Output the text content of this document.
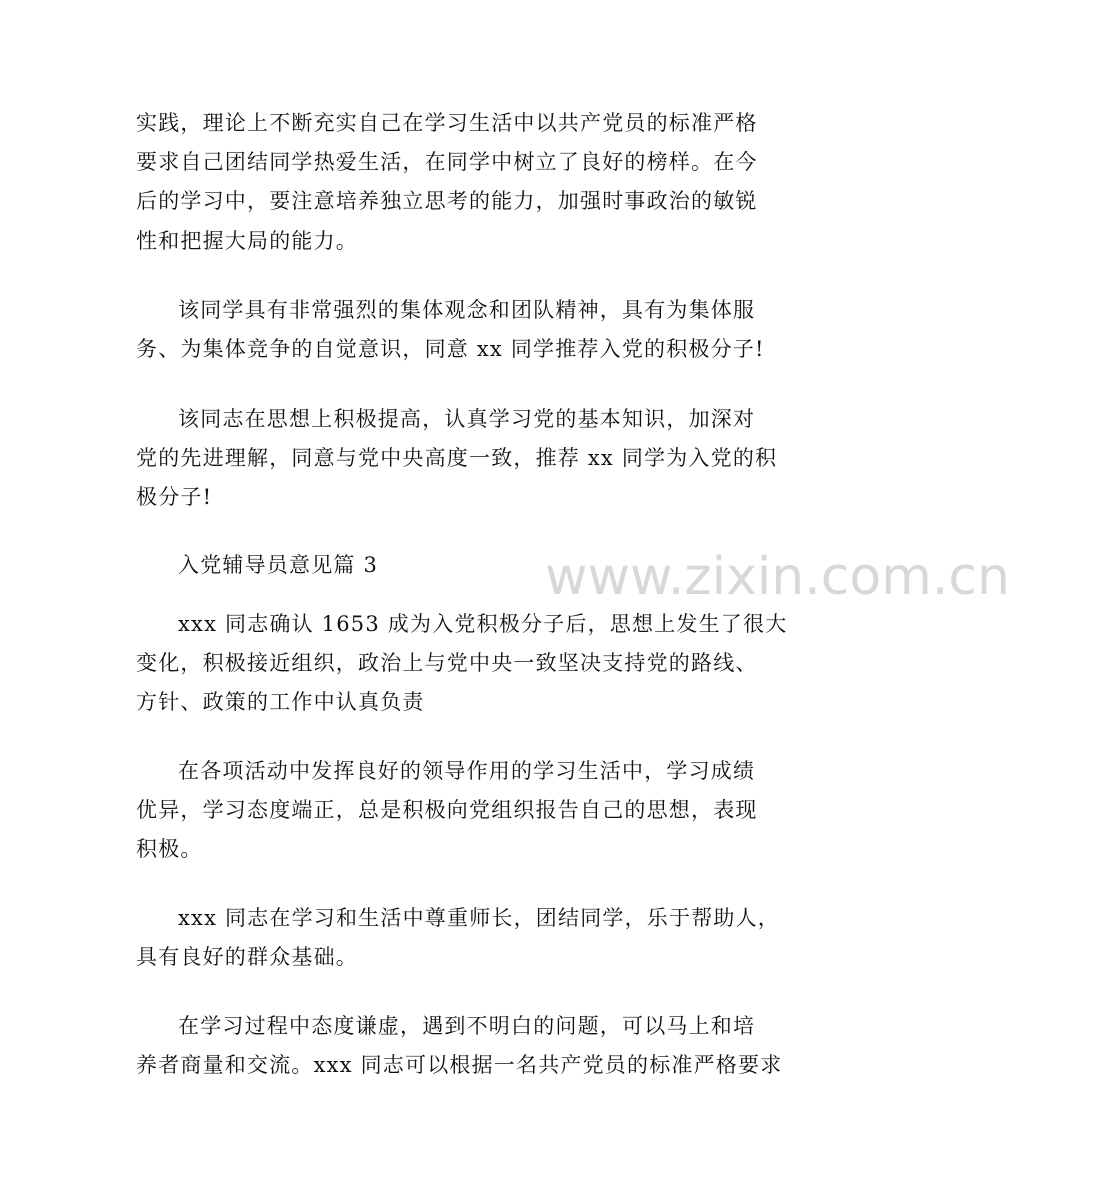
www.zixin.com.cn
实践，理论上不断充实自己在学习生活中以共产党员的标准严格
要求自己团结同学热爱生活，在同学中树立了良好的榜样。在今
后的学习中，要注意培养独立思考的能力，加强时事政治的敏锐
性和把握大局的能力。
该同学具有非常强烈的集体观念和团队精神，具有为集体服
务、为集体竞争的自觉意识，同意 xx 同学推荐入党的积极分子!
该同志在思想上积极提高，认真学习党的基本知识，加深对
党的先进理解，同意与党中央高度一致，推荐 xx 同学为入党的积
极分子!
入党辅导员意见篇 3
xxx 同志确认 1653 成为入党积极分子后，思想上发生了很大
变化，积极接近组织，政治上与党中央一致坚决支持党的路线、
方针、政策的工作中认真负责
在各项活动中发挥良好的领导作用的学习生活中，学习成绩
优异，学习态度端正，总是积极向党组织报告自己的思想，表现
积极。
xxx 同志在学习和生活中尊重师长，团结同学，乐于帮助人，
具有良好的群众基础。
在学习过程中态度谦虚，遇到不明白的问题，可以马上和培
养者商量和交流。xxx 同志可以根据一名共产党员的标准严格要求
